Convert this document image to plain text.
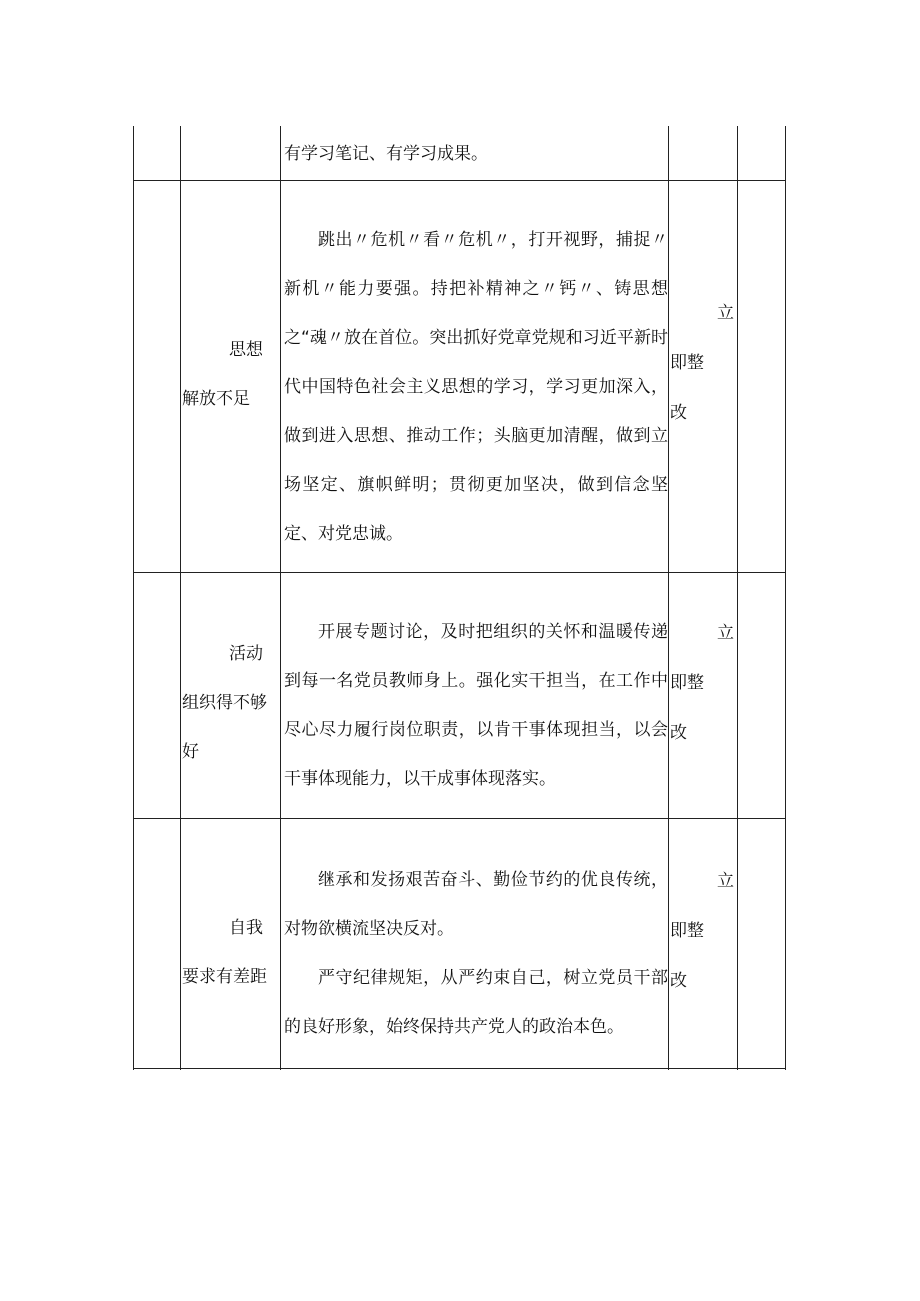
有学习笔记、有学习成果。

思想
解放不足

跳出〃危机〃看〃危机〃，打开视野，捕捉〃新机〃能力要强。持把补精神之〃钙〃、铸思想之“魂〃放在首位。突出抓好党章党规和习近平新时代中国特色社会主义思想的学习，学习更加深入，做到进入思想、推动工作；头脑更加清醒，做到立场坚定、旗帜鲜明；贯彻更加坚决，做到信念坚定、对党忠诚。

立
即整
改
活动
组织得不够
好

开展专题讨论，及时把组织的关怀和温暖传递到每一名党员教师身上。强化实干担当，在工作中尽心尽力履行岗位职责，以肯干事体现担当，以会干事体现能力，以干成事体现落实。

立
即整
改
自我
要求有差距

继承和发扬艰苦奋斗、勤俭节约的优良传统，对物欲横流坚决反对。

严守纪律规矩，从严约束自己，树立党员干部的良好形象，始终保持共产党人的政治本色。

立
即整
改
